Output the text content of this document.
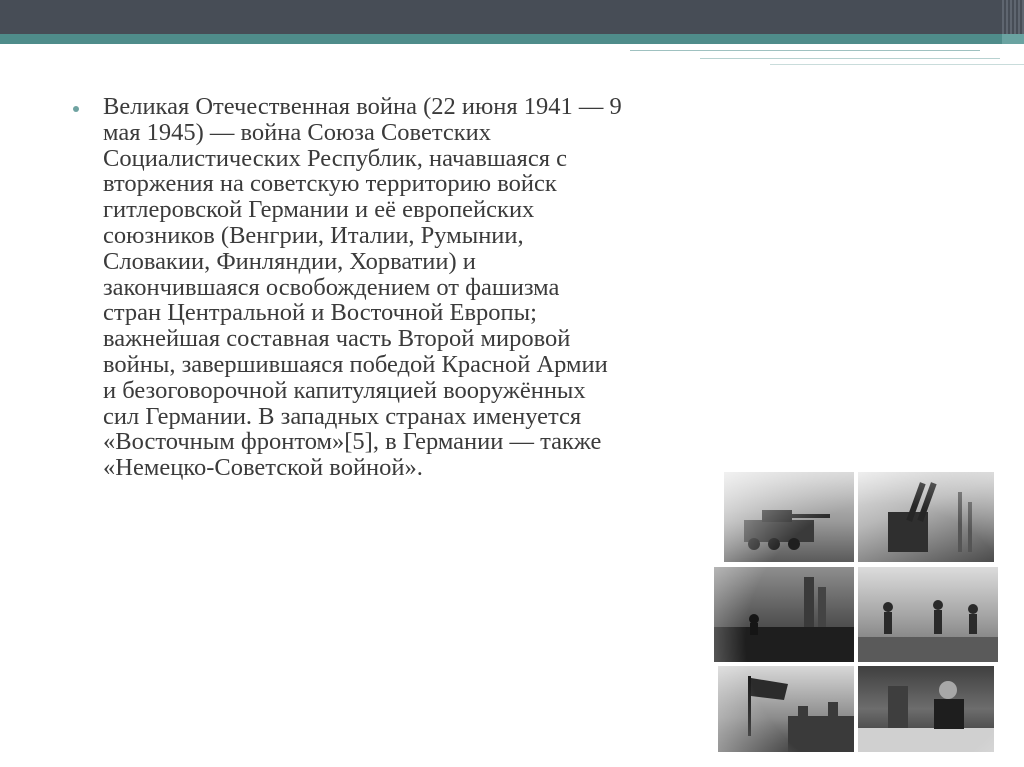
Великая Отечественная война (22 июня 1941 — 9
мая 1945) — война Союза Советских
Социалистических Республик, начавшаяся с
вторжения на советскую территорию войск
гитлеровской Германии и её европейских
союзников (Венгрии, Италии, Румынии,
Словакии, Финляндии, Хорватии) и
закончившаяся освобождением от фашизма
стран Центральной и Восточной Европы;
важнейшая составная часть Второй мировой
войны, завершившаяся победой Красной Армии
и безоговорочной капитуляцией вооружённых
сил Германии. В западных странах именуется
«Восточным фронтом»[5], в Германии — также
«Немецко-Советской войной».
